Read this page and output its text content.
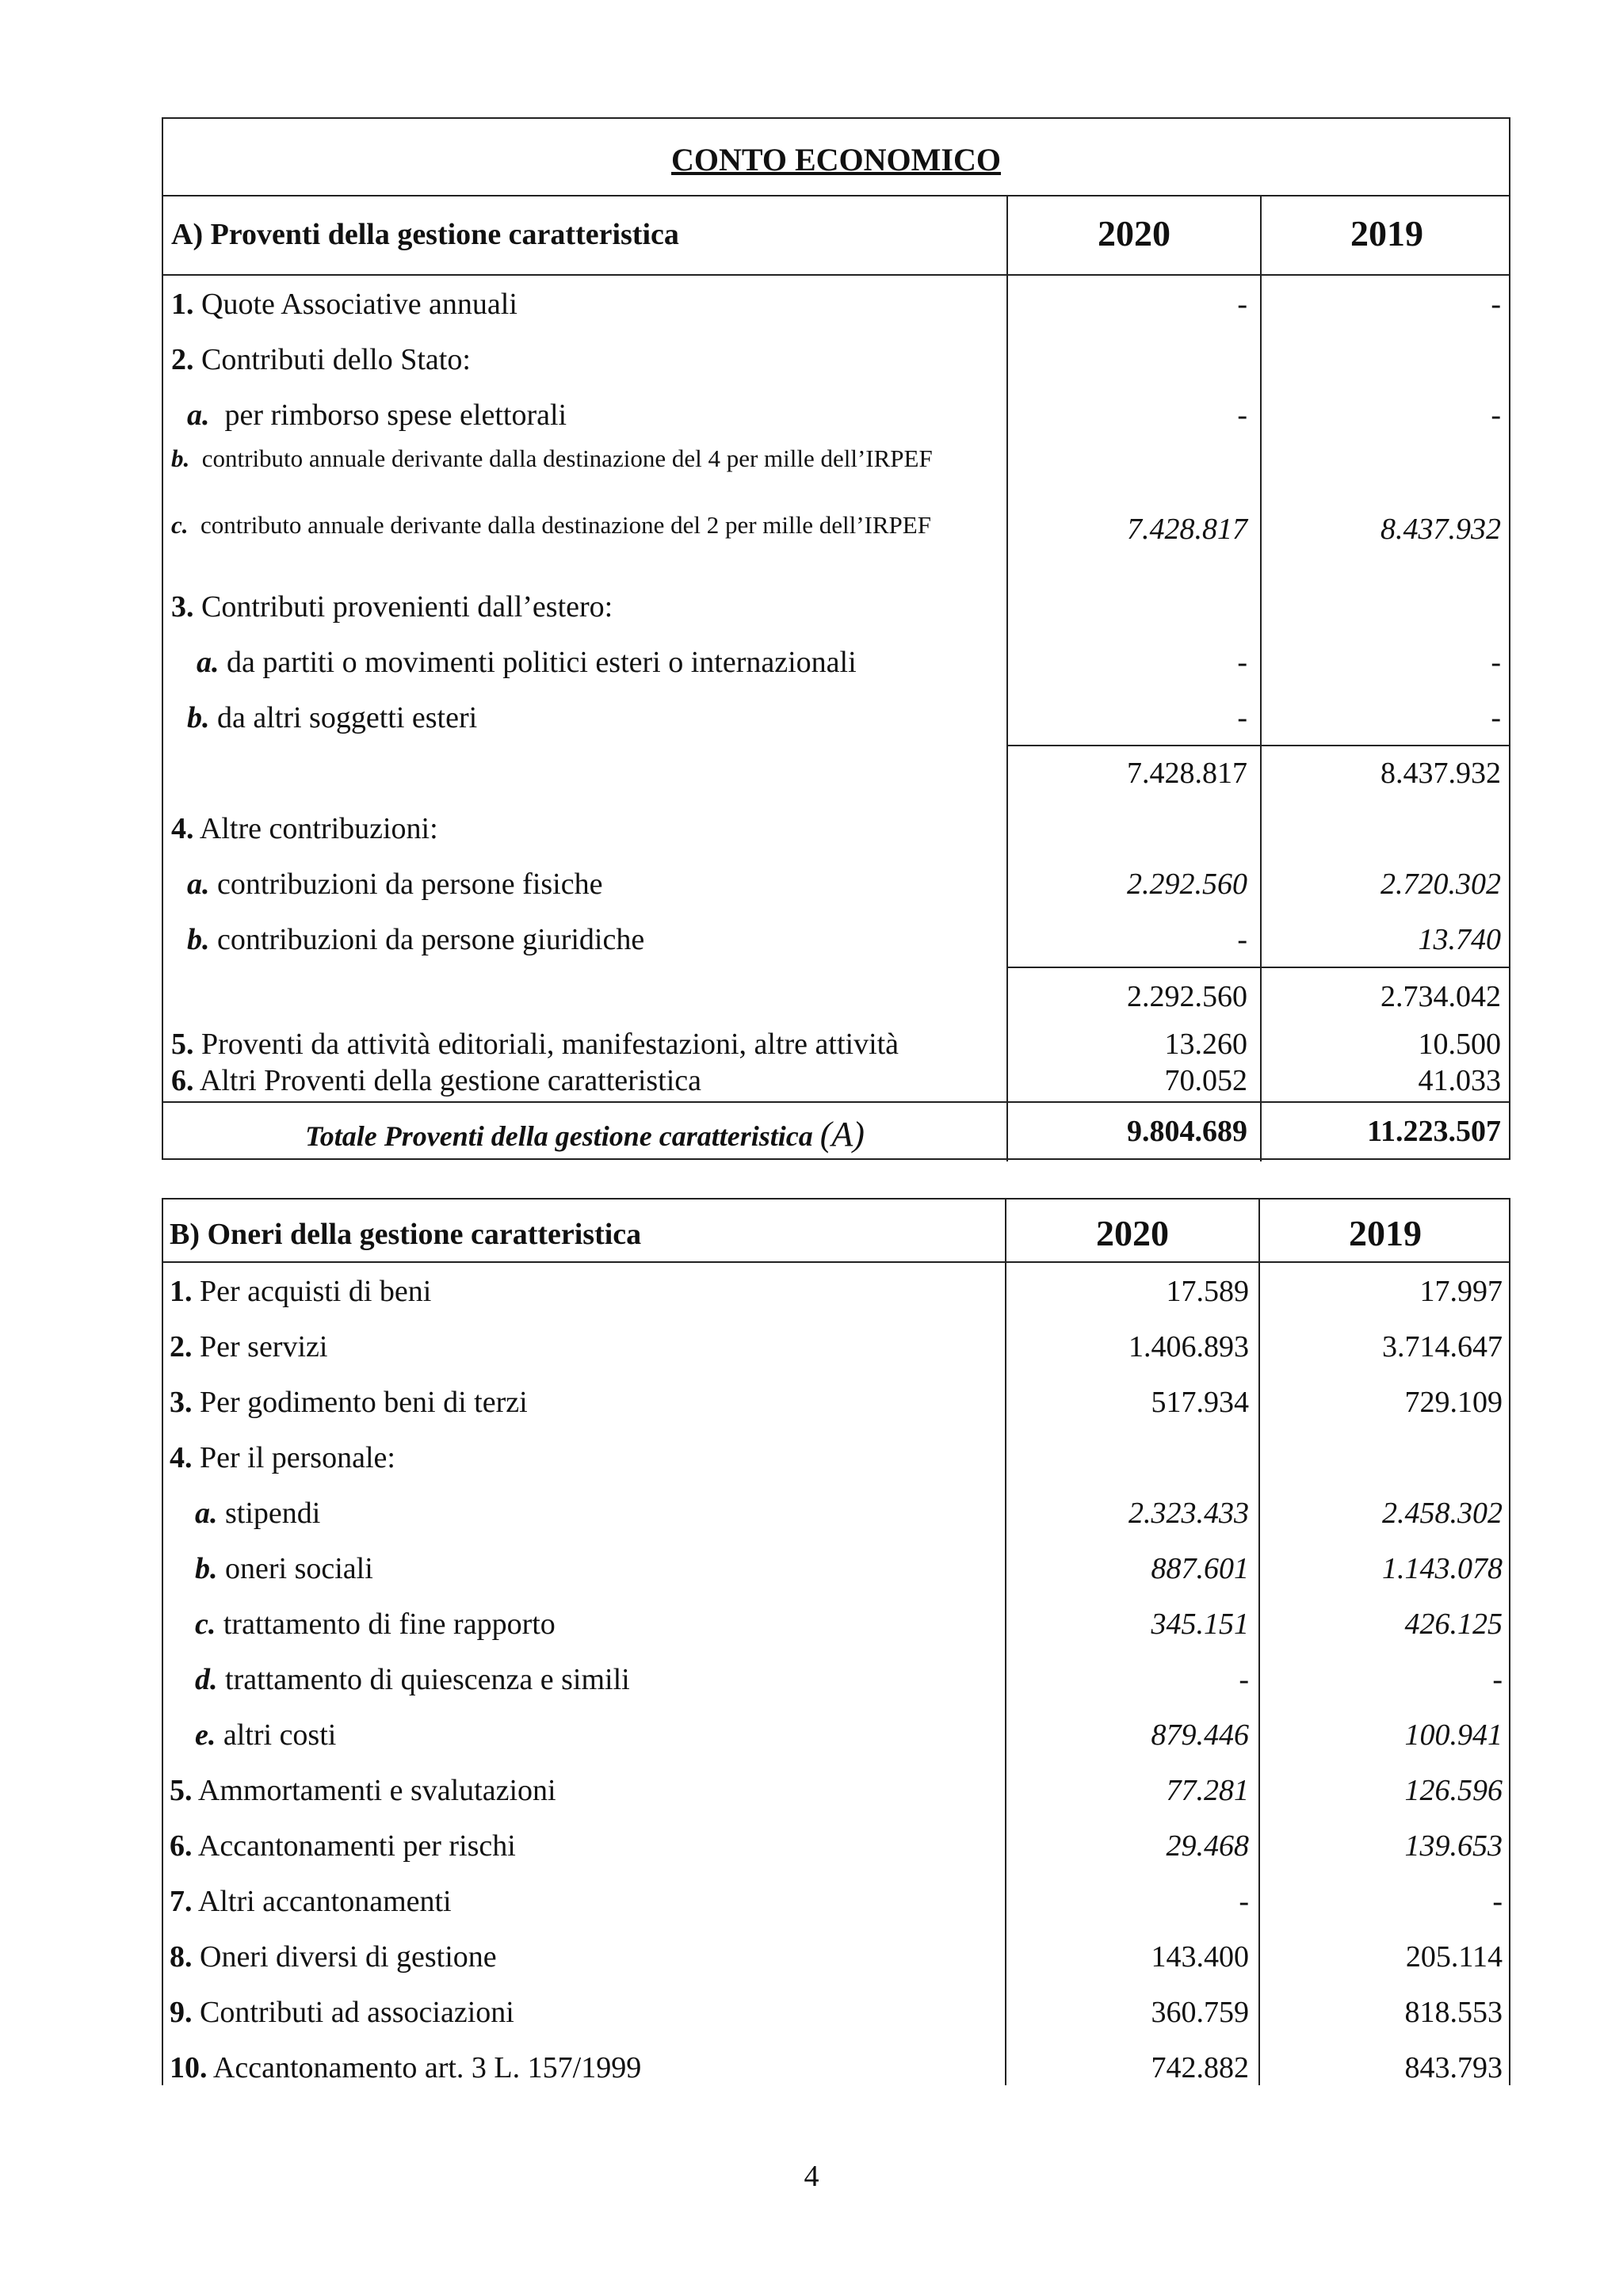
CONTO ECONOMICO
A) Proventi della gestione caratteristica	2020	2019
1. Quote Associative annuali	-	-
2. Contributi dello Stato:
a. per rimborso spese elettorali	-	-
b. contributo annuale derivante dalla destinazione del 4 per mille dell’IRPEF
c. contributo annuale derivante dalla destinazione del 2 per mille dell’IRPEF	7.428.817	8.437.932
3. Contributi provenienti dall’estero:
a. da partiti o movimenti politici esteri o internazionali	-	-
b. da altri soggetti esteri	-	-
7.428.817	8.437.932
4. Altre contribuzioni:
a. contribuzioni da persone fisiche	2.292.560	2.720.302
b. contribuzioni da persone giuridiche	-	13.740
2.292.560	2.734.042
5. Proventi da attività editoriali, manifestazioni, altre attività	13.260	10.500
6. Altri Proventi della gestione caratteristica	70.052	41.033
Totale Proventi della gestione caratteristica (A)	9.804.689	11.223.507
B) Oneri della gestione caratteristica	2020	2019
1. Per acquisti di beni	17.589	17.997
2. Per servizi	1.406.893	3.714.647
3. Per godimento beni di terzi	517.934	729.109
4. Per il personale:
a. stipendi	2.323.433	2.458.302
b. oneri sociali	887.601	1.143.078
c. trattamento di fine rapporto	345.151	426.125
d. trattamento di quiescenza e simili	-	-
e. altri costi	879.446	100.941
5. Ammortamenti e svalutazioni	77.281	126.596
6. Accantonamenti per rischi	29.468	139.653
7. Altri accantonamenti	-	-
8. Oneri diversi di gestione	143.400	205.114
9. Contributi ad associazioni	360.759	818.553
10. Accantonamento art. 3 L. 157/1999	742.882	843.793
4
